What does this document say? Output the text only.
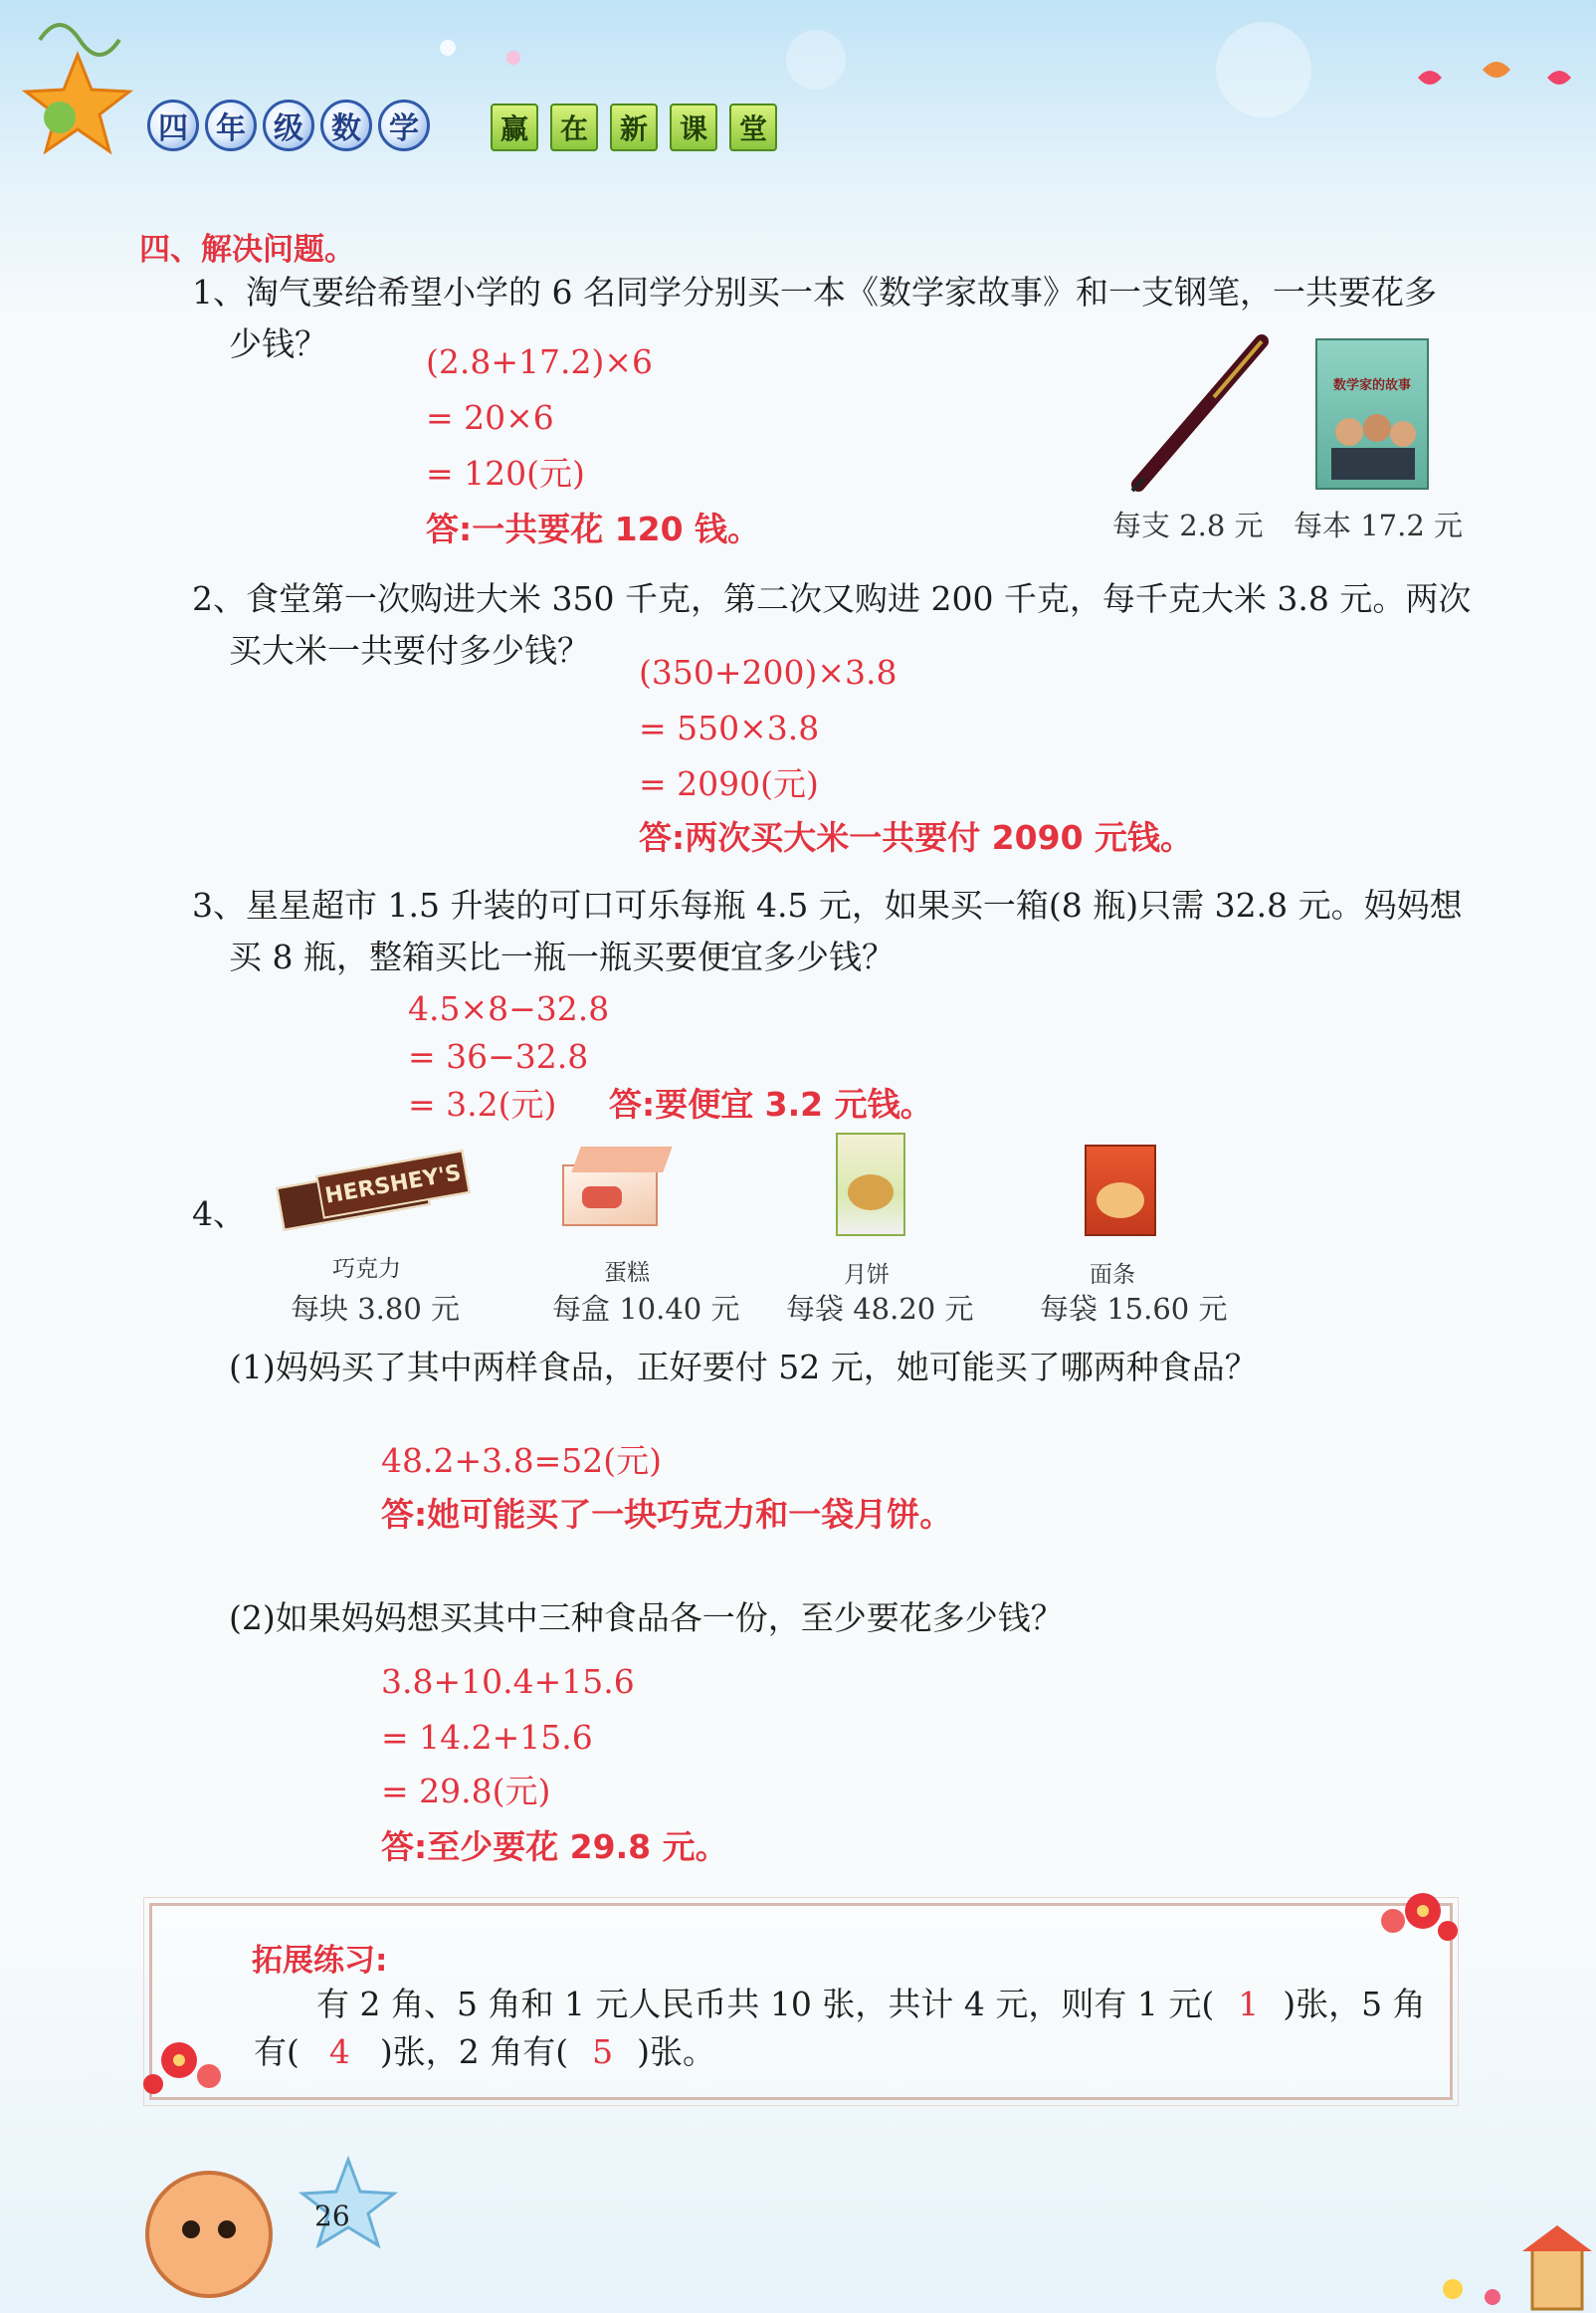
四 年 级 数 学	赢	在	新	课	堂
四、解决问题。
1、淘气要给希望小学的 6 名同学分别买一本《数学家故事》和一支钢笔，一共要花多
少钱？	(2.8+17.2)×6
= 20×6
= 120(元)
答:一共要花 120 钱。
数学家的故事
每支 2.8 元 每本 17.2 元
2、食堂第一次购进大米 350 千克，第二次又购进 200 千克，每千克大米 3.8 元。两次
买大米一共要付多少钱？
(350+200)×3.8
= 550×3.8
= 2090(元)
答:两次买大米一共要付 2090 元钱。
3、星星超市 1.5 升装的可口可乐每瓶 4.5 元，如果买一箱(8 瓶)只需 32.8 元。妈妈想
买 8 瓶，整箱买比一瓶一瓶买要便宜多少钱？
4.5×8−32.8
= 36−32.8
= 3.2(元) 答:要便宜 3.2 元钱。
4、
HERSHEY'S
巧克力	蛋糕	月饼	面条
每块 3.80 元	每盒 10.40 元 每袋 48.20 元 每袋 15.60 元
(1)妈妈买了其中两样食品，正好要付 52 元，她可能买了哪两种食品？
48.2+3.8=52(元)
答:她可能买了一块巧克力和一袋月饼。
(2)如果妈妈想买其中三种食品各一份，至少要花多少钱？
3.8+10.4+15.6
= 14.2+15.6
= 29.8(元)
答:至少要花 29.8 元。
拓展练习:
有 2 角、5 角和 1 元人民币共 10 张，共计 4 元，则有 1 元( 1 )张，5 角
有( 4 )张，2 角有( 5 )张。
26
